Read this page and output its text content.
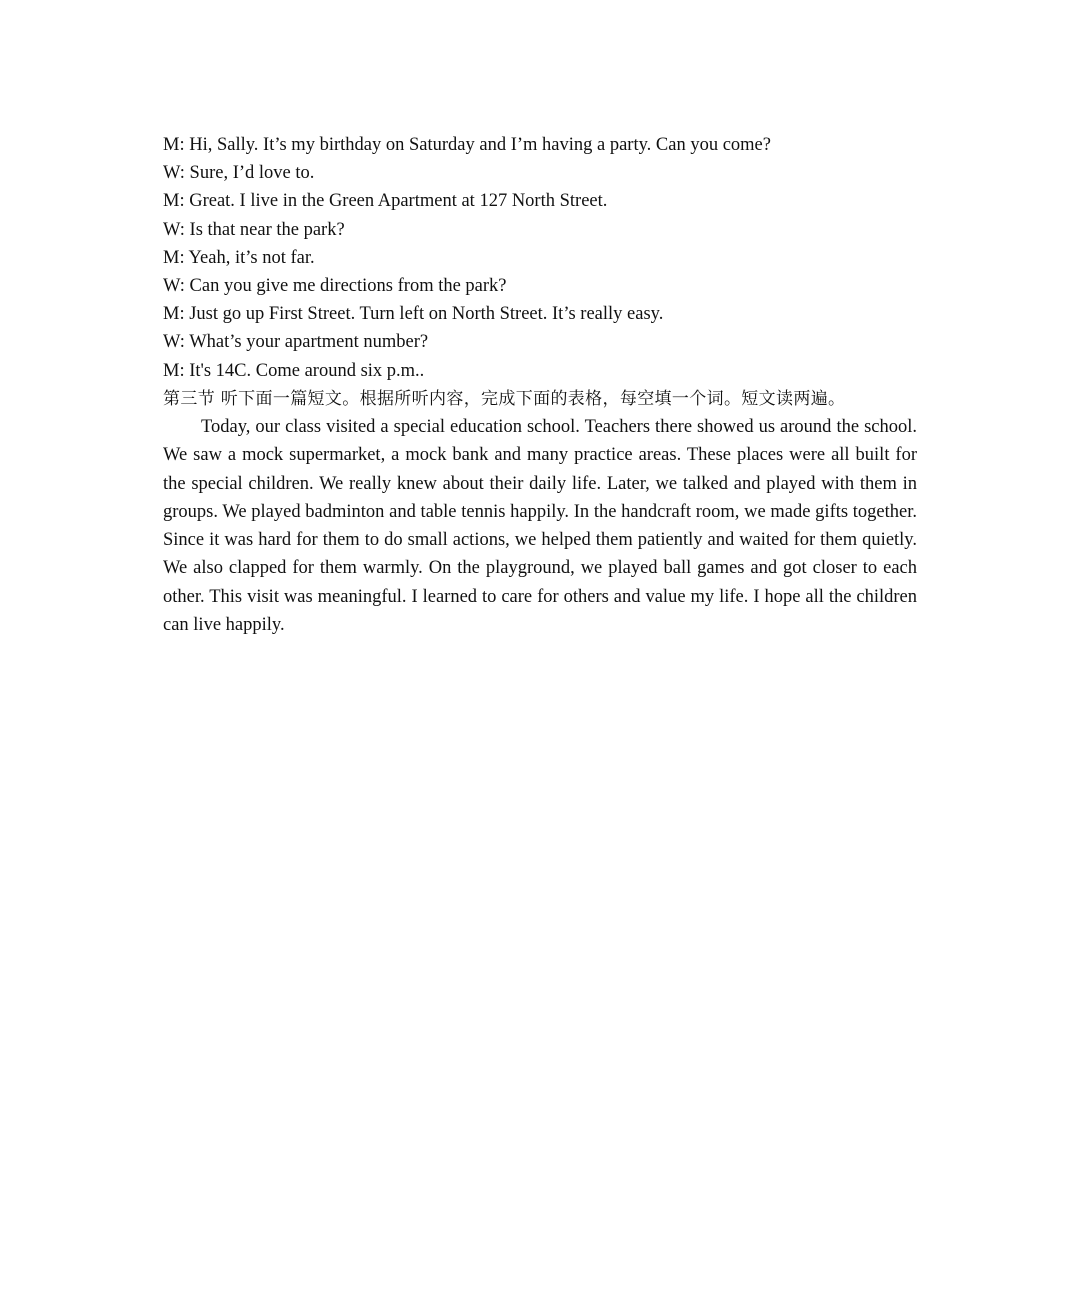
M: Hi, Sally. It’s my birthday on Saturday and I’m having a party. Can you come?

W: Sure, I’d love to.

M: Great. I live in the Green Apartment at 127 North Street.

W: Is that near the park?

M: Yeah, it’s not far.

W: Can you give me directions from the park?

M: Just go up First Street. Turn left on North Street. It’s really easy.

W: What’s your apartment number?

M: It's 14C. Come around six p.m..

第三节 听下面一篇短文。根据所听内容，完成下面的表格，每空填一个词。短文读两遍。

Today, our class visited a special education school. Teachers there showed us around the school. We saw a mock supermarket, a mock bank and many practice areas. These places were all built for the special children. We really knew about their daily life. Later, we talked and played with them in groups. We played badminton and table tennis happily. In the handcraft room, we made gifts together. Since it was hard for them to do small actions, we helped them patiently and waited for them quietly. We also clapped for them warmly. On the playground, we played ball games and got closer to each other. This visit was meaningful. I learned to care for others and value my life. I hope all the children can live happily.
